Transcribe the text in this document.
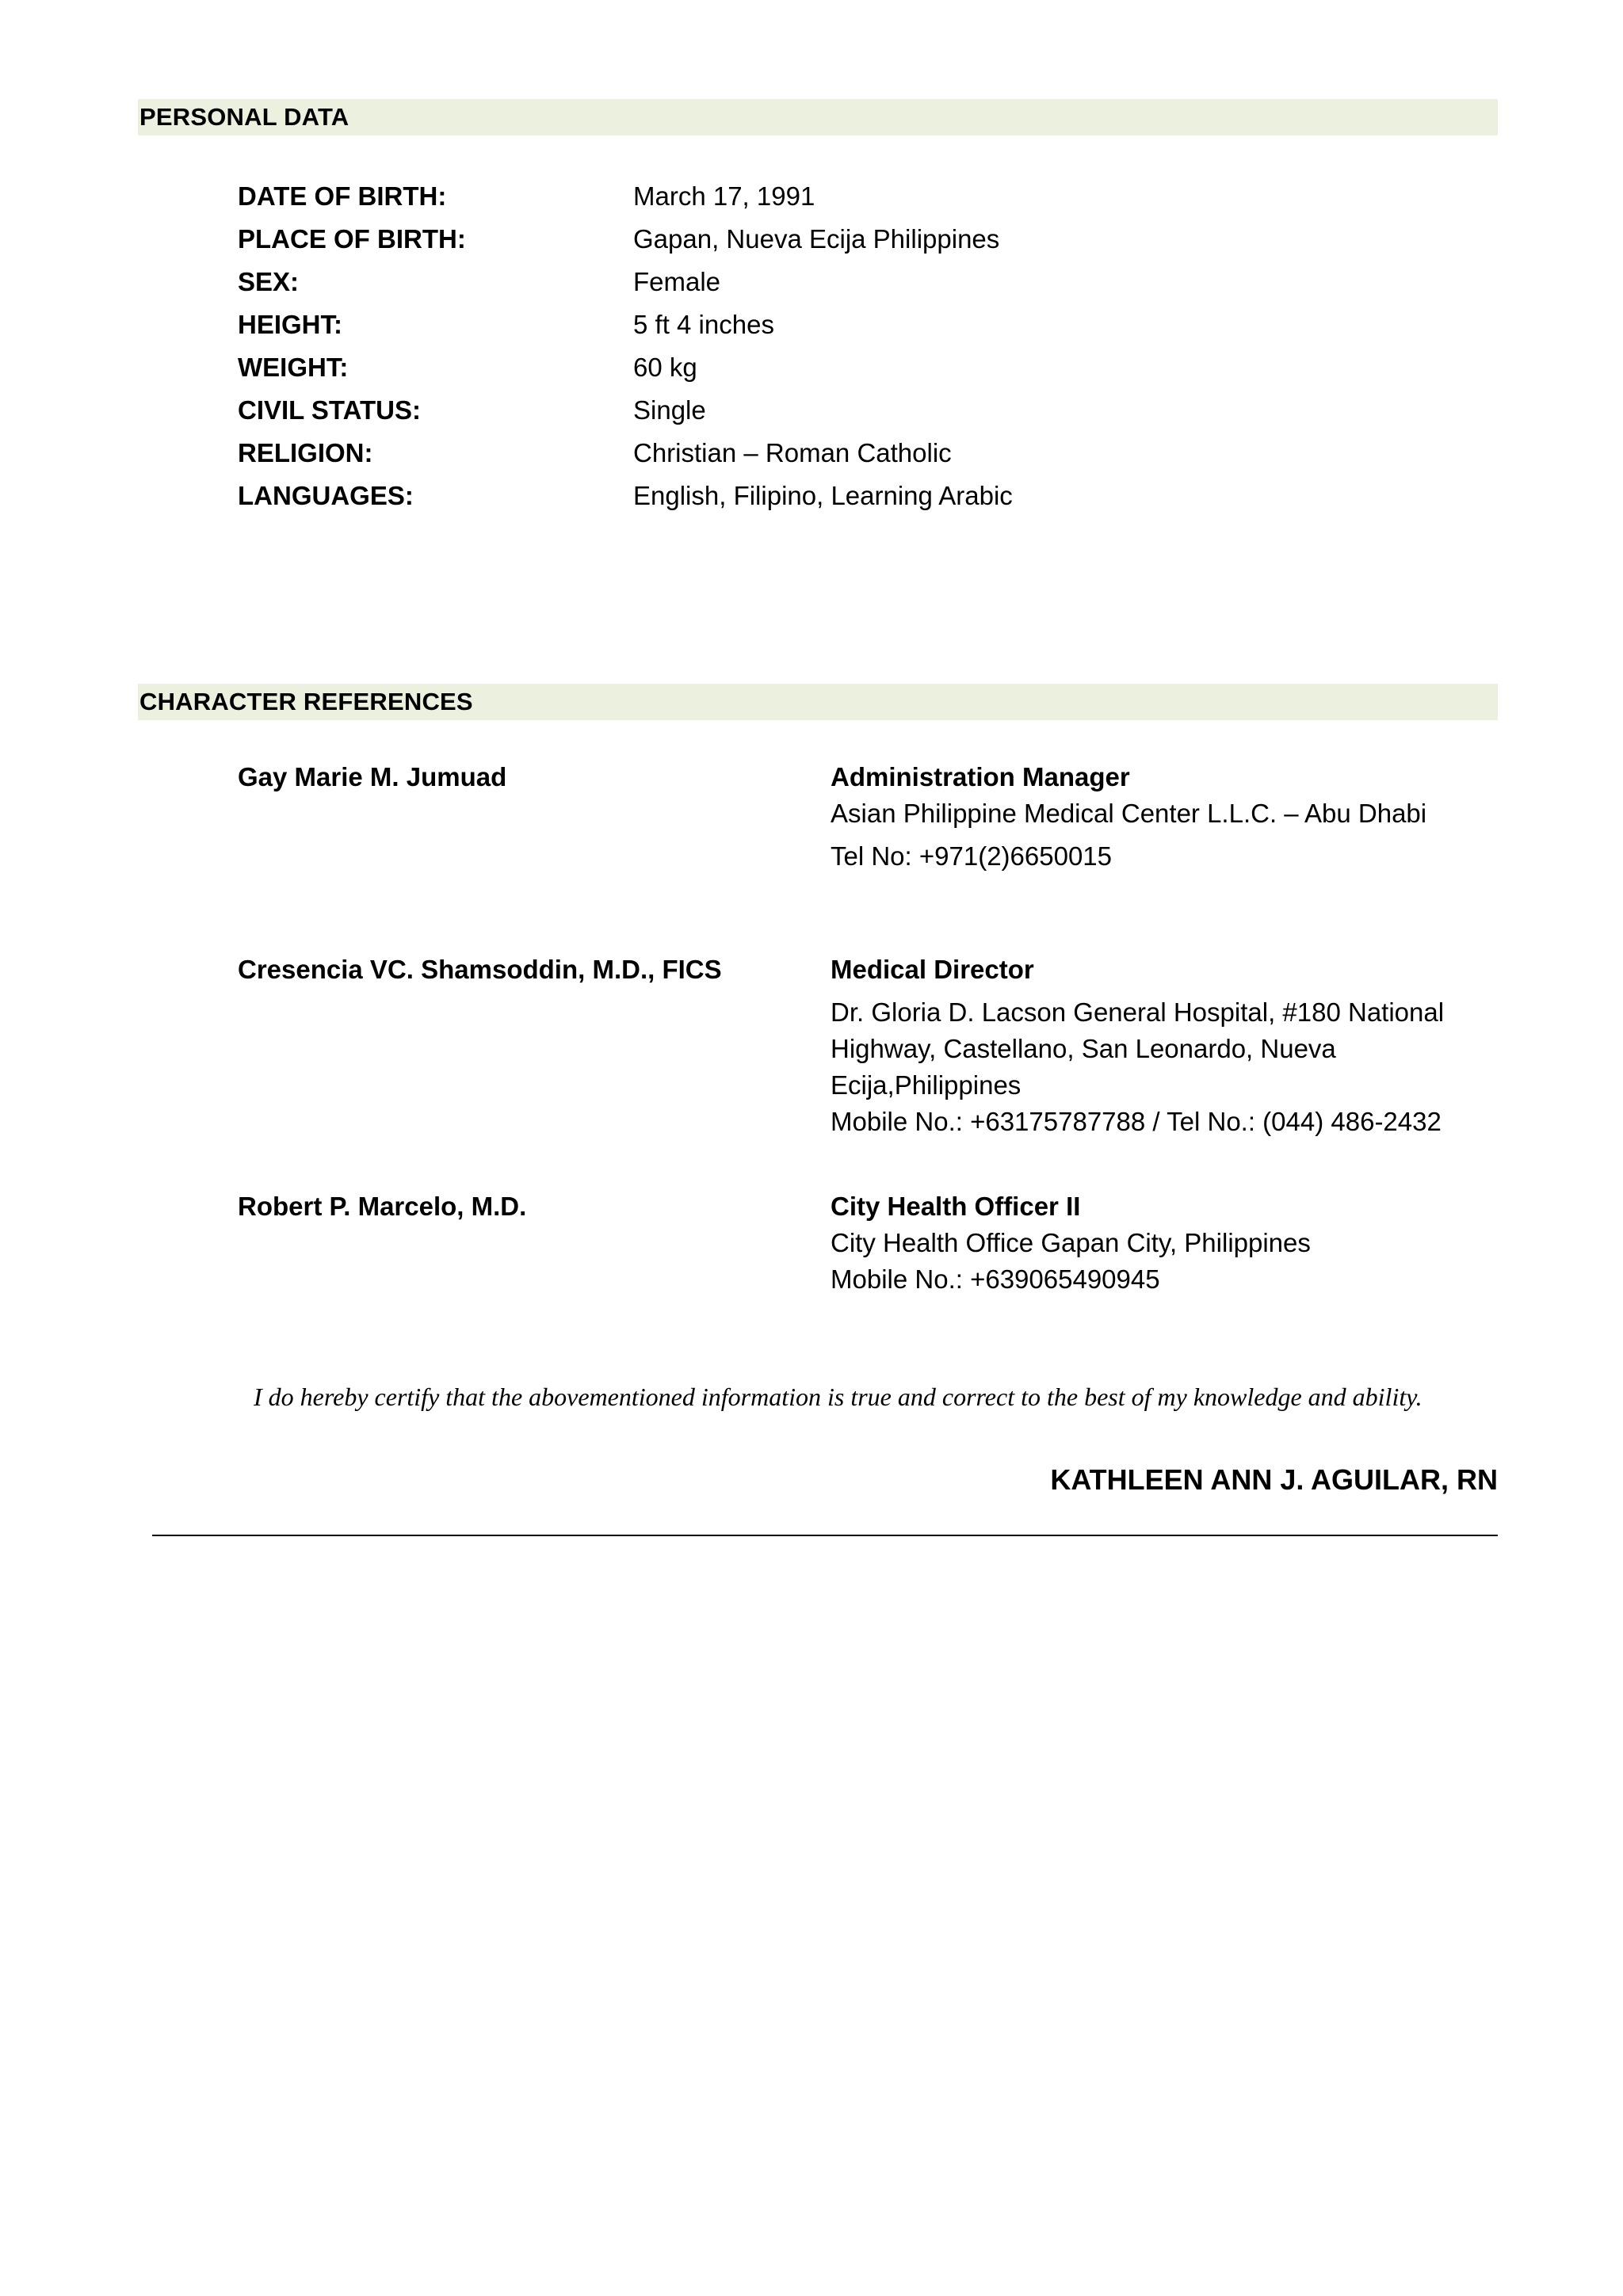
PERSONAL DATA
DATE OF BIRTH:	March 17, 1991
PLACE OF BIRTH:	Gapan, Nueva Ecija Philippines
SEX:	Female
HEIGHT:	5 ft 4 inches
WEIGHT:	60 kg
CIVIL STATUS:	Single
RELIGION:	Christian – Roman Catholic
LANGUAGES:	English, Filipino, Learning Arabic
CHARACTER REFERENCES
Gay Marie M. Jumuad	Administration Manager
Asian Philippine Medical Center L.L.C. – Abu Dhabi
Tel No: +971(2)6650015
Cresencia VC. Shamsoddin, M.D., FICS	Medical Director
Dr. Gloria D. Lacson General Hospital, #180 National
Highway, Castellano, San Leonardo, Nueva
Ecija,Philippines
Mobile No.: +63175787788 / Tel No.: (044) 486-2432
Robert P. Marcelo, M.D.	City Health Officer II
City Health Office Gapan City, Philippines
Mobile No.: +639065490945
I do hereby certify that the abovementioned information is true and correct to the best of my knowledge and ability.
KATHLEEN ANN J. AGUILAR, RN
